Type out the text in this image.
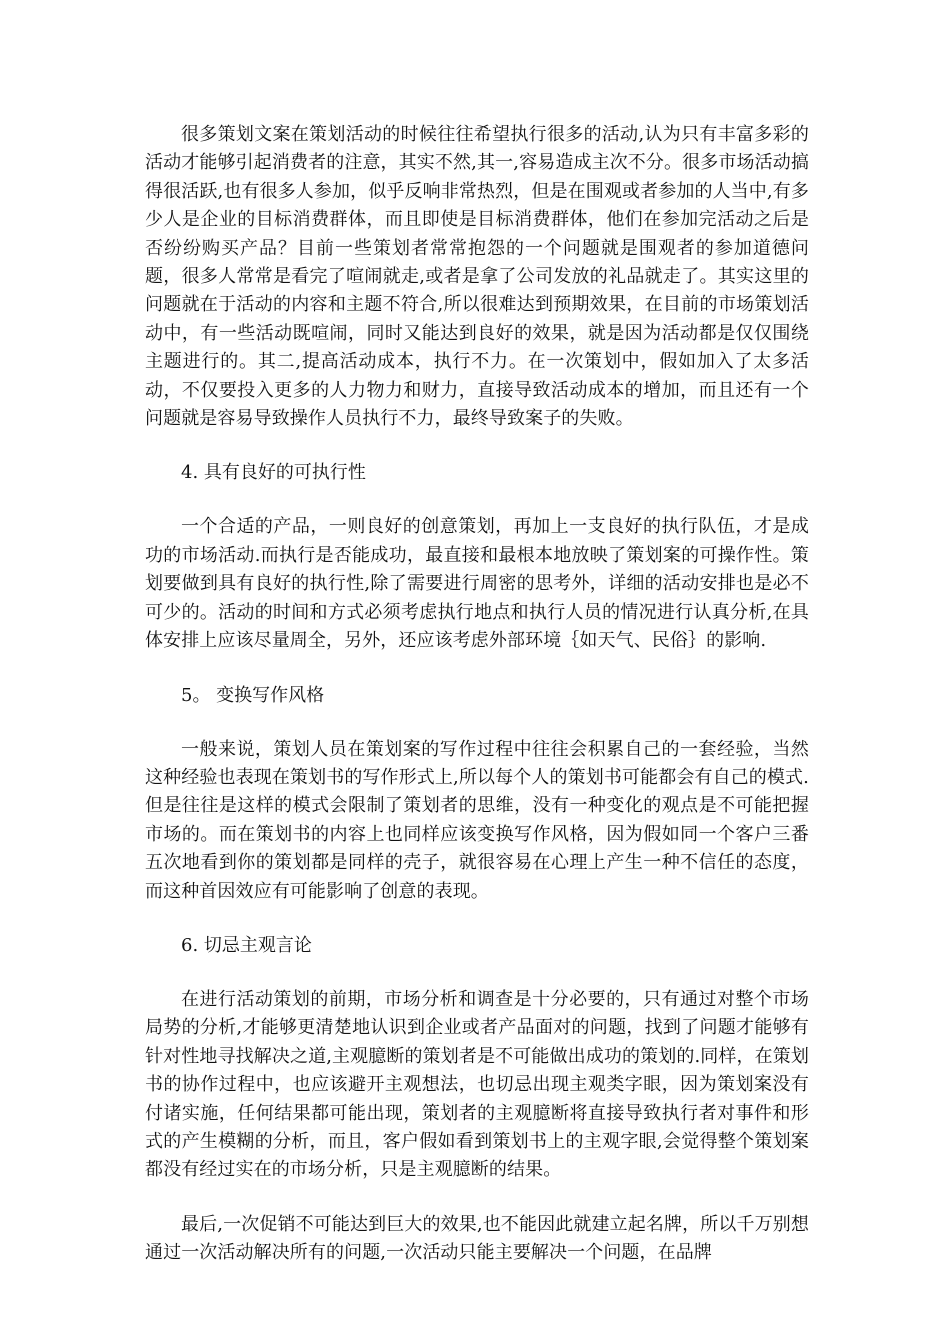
很多策划文案在策划活动的时候往往希望执行很多的活动,认为只有丰富多彩的活动才能够引起消费者的注意，其实不然,其一,容易造成主次不分。很多市场活动搞得很活跃,也有很多人参加，似乎反响非常热烈，但是在围观或者参加的人当中,有多少人是企业的目标消费群体，而且即使是目标消费群体，他们在参加完活动之后是否纷纷购买产品？目前一些策划者常常抱怨的一个问题就是围观者的参加道德问题，很多人常常是看完了喧闹就走,或者是拿了公司发放的礼品就走了。其实这里的问题就在于活动的内容和主题不符合,所以很难达到预期效果，在目前的市场策划活动中，有一些活动既喧闹，同时又能达到良好的效果，就是因为活动都是仅仅围绕主题进行的。其二,提高活动成本，执行不力。在一次策划中，假如加入了太多活动，不仅要投入更多的人力物力和财力，直接导致活动成本的增加，而且还有一个问题就是容易导致操作人员执行不力，最终导致案子的失败。

4. 具有良好的可执行性

一个合适的产品，一则良好的创意策划，再加上一支良好的执行队伍，才是成功的市场活动.而执行是否能成功，最直接和最根本地放映了策划案的可操作性。策划要做到具有良好的执行性,除了需要进行周密的思考外，详细的活动安排也是必不可少的。活动的时间和方式必须考虑执行地点和执行人员的情况进行认真分析,在具体安排上应该尽量周全，另外，还应该考虑外部环境｛如天气、民俗｝的影响.

5。 变换写作风格

一般来说，策划人员在策划案的写作过程中往往会积累自己的一套经验，当然这种经验也表现在策划书的写作形式上,所以每个人的策划书可能都会有自己的模式.但是往往是这样的模式会限制了策划者的思维，没有一种变化的观点是不可能把握市场的。而在策划书的内容上也同样应该变换写作风格，因为假如同一个客户三番五次地看到你的策划都是同样的壳子，就很容易在心理上产生一种不信任的态度，而这种首因效应有可能影响了创意的表现。

6. 切忌主观言论

在进行活动策划的前期，市场分析和调查是十分必要的，只有通过对整个市场局势的分析,才能够更清楚地认识到企业或者产品面对的问题，找到了问题才能够有针对性地寻找解决之道,主观臆断的策划者是不可能做出成功的策划的.同样，在策划书的协作过程中，也应该避开主观想法，也切忌出现主观类字眼，因为策划案没有付诸实施，任何结果都可能出现，策划者的主观臆断将直接导致执行者对事件和形式的产生模糊的分析，而且，客户假如看到策划书上的主观字眼,会觉得整个策划案都没有经过实在的市场分析，只是主观臆断的结果。

最后,一次促销不可能达到巨大的效果,也不能因此就建立起名牌，所以千万别想通过一次活动解决所有的问题,一次活动只能主要解决一个问题，在品牌
